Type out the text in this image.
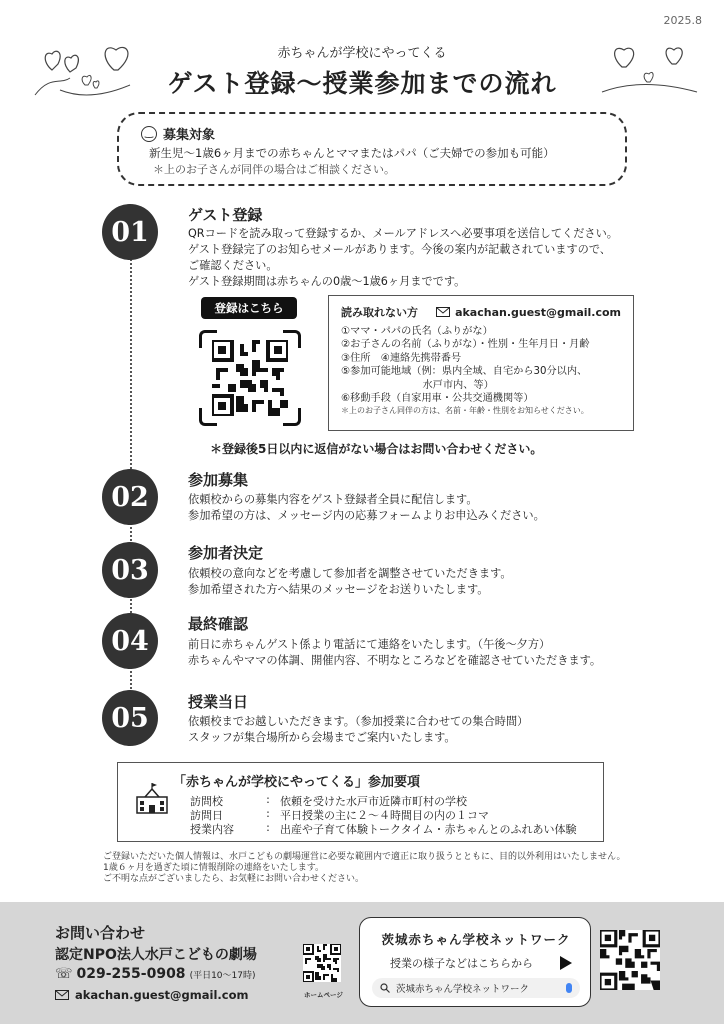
2025.8
赤ちゃんが学校にやってくる
ゲスト登録〜授業参加までの流れ
‿ 募集対象
新生児〜1歳6ヶ月までの赤ちゃんとママまたはパパ（ご夫婦での参加も可能）
＊上のお子さんが同伴の場合はご相談ください。
01
ゲスト登録
QRコードを読み取って登録するか、メールアドレスへ必要事項を送信してください。
ゲスト登録完了のお知らせメールがあります。今後の案内が記載されていますので、
ご確認ください。
ゲスト登録期間は赤ちゃんの0歳〜1歳6ヶ月までです。
登録はこちら	読み取れない方	akachan.guest@gmail.com
①ママ・パパの氏名（ふりがな）
②お子さんの名前（ふりがな）・性別・生年月日・月齢
③住所　④連絡先携帯番号
⑤参加可能地域（例：県内全域、自宅から30分以内、
　　　　　　　　水戸市内、等）
⑥移動手段（自家用車・公共交通機関等）
＊上のお子さん同伴の方は、名前・年齢・性別をお知らせください。
＊登録後5日以内に返信がない場合はお問い合わせください。
02
参加募集
依頼校からの募集内容をゲスト登録者全員に配信します。
参加希望の方は、メッセージ内の応募フォームよりお申込みください。
03
参加者決定
依頼校の意向などを考慮して参加者を調整させていただきます。
参加希望された方へ結果のメッセージをお送りいたします。
04
最終確認
前日に赤ちゃんゲスト係より電話にて連絡をいたします。（午後〜夕方）
赤ちゃんやママの体調、開催内容、不明なところなどを確認させていただきます。
05
授業当日
依頼校までお越しいただきます。（参加授業に合わせての集合時間）
スタッフが集合場所から会場までご案内いたします。
「赤ちゃんが学校にやってくる」参加要項
訪問校	: 依頼を受けた水戸市近隣市町村の学校
訪問日	: 平日授業の主に２〜４時間目の内の１コマ
授業内容	: 出産や子育て体験トークタイム・赤ちゃんとのふれあい体験
ご登録いただいた個人情報は、水戸こどもの劇場運営に必要な範囲内で適正に取り扱うとともに、目的以外利用はいたしません。
1歳６ヶ月を過ぎた頃に情報削除の連絡をいたします。
ご不明な点がございましたら、お気軽にお問い合わせください。
お問い合わせ
認定NPO法人水戸こどもの劇場
☏ 029-255-0908 (平日10〜17時)
akachan.guest@gmail.com	ホームページ
茨城赤ちゃん学校ネットワーク
授業の様子などはこちらから
茨城赤ちゃん学校ネットワーク
